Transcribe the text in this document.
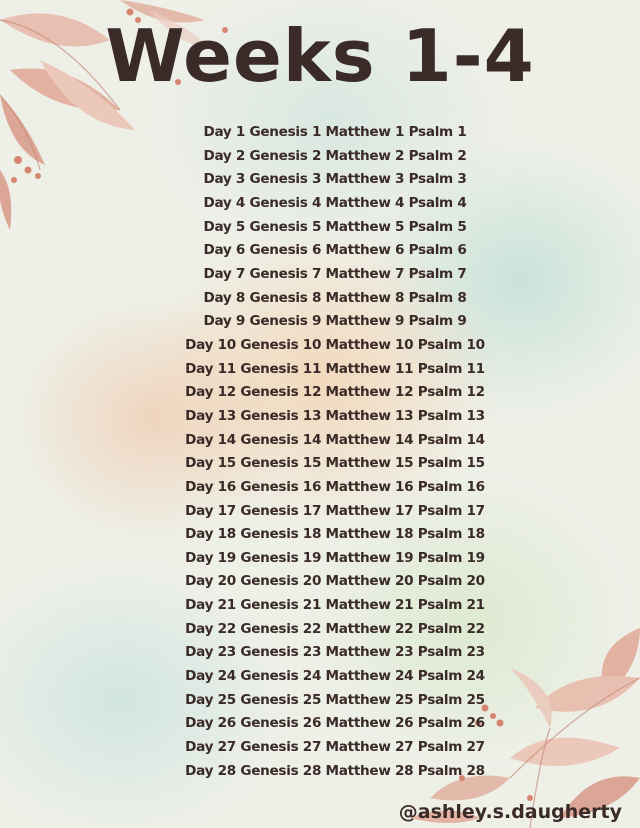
Weeks 1-4
Day 1 Genesis 1 Matthew 1 Psalm 1
Day 2 Genesis 2 Matthew 2 Psalm 2
Day 3 Genesis 3 Matthew 3 Psalm 3
Day 4 Genesis 4 Matthew 4 Psalm 4
Day 5 Genesis 5 Matthew 5 Psalm 5
Day 6 Genesis 6 Matthew 6 Psalm 6
Day 7 Genesis 7 Matthew 7 Psalm 7
Day 8 Genesis 8 Matthew 8 Psalm 8
Day 9 Genesis 9 Matthew 9 Psalm 9
Day 10 Genesis 10 Matthew 10 Psalm 10
Day 11 Genesis 11 Matthew 11 Psalm 11
Day 12 Genesis 12 Matthew 12 Psalm 12
Day 13 Genesis 13 Matthew 13 Psalm 13
Day 14 Genesis 14 Matthew 14 Psalm 14
Day 15 Genesis 15 Matthew 15 Psalm 15
Day 16 Genesis 16 Matthew 16 Psalm 16
Day 17 Genesis 17 Matthew 17 Psalm 17
Day 18 Genesis 18 Matthew 18 Psalm 18
Day 19 Genesis 19 Matthew 19 Psalm 19
Day 20 Genesis 20 Matthew 20 Psalm 20
Day 21 Genesis 21 Matthew 21 Psalm 21
Day 22 Genesis 22 Matthew 22 Psalm 22
Day 23 Genesis 23 Matthew 23 Psalm 23
Day 24 Genesis 24 Matthew 24 Psalm 24
Day 25 Genesis 25 Matthew 25 Psalm 25
Day 26 Genesis 26 Matthew 26 Psalm 26
Day 27 Genesis 27 Matthew 27 Psalm 27
Day 28 Genesis 28 Matthew 28 Psalm 28

@ashley.s.daugherty
